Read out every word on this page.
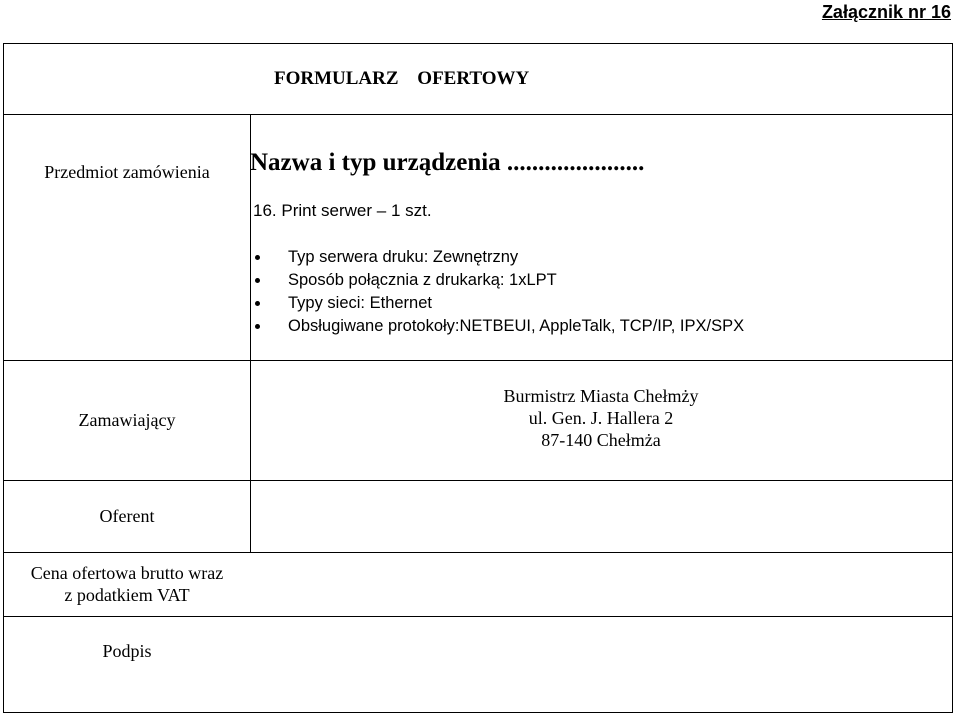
Załącznik nr 16
FORMULARZ OFERTOWY
Przedmiot zamówienia	Nazwa i typ urządzenia ......................
16. Print serwer – 1 szt.
Typ serwera druku: Zewnętrzny
Sposób połącznia z drukarką: 1xLPT
Typy sieci: Ethernet
Obsługiwane protokoły:NETBEUI, AppleTalk, TCP/IP, IPX/SPX
Zamawiający
Burmistrz Miasta Chełmży
ul. Gen. J. Hallera 2
87-140 Chełmża
Oferent
Cena ofertowa brutto wraz
z podatkiem VAT
Podpis
